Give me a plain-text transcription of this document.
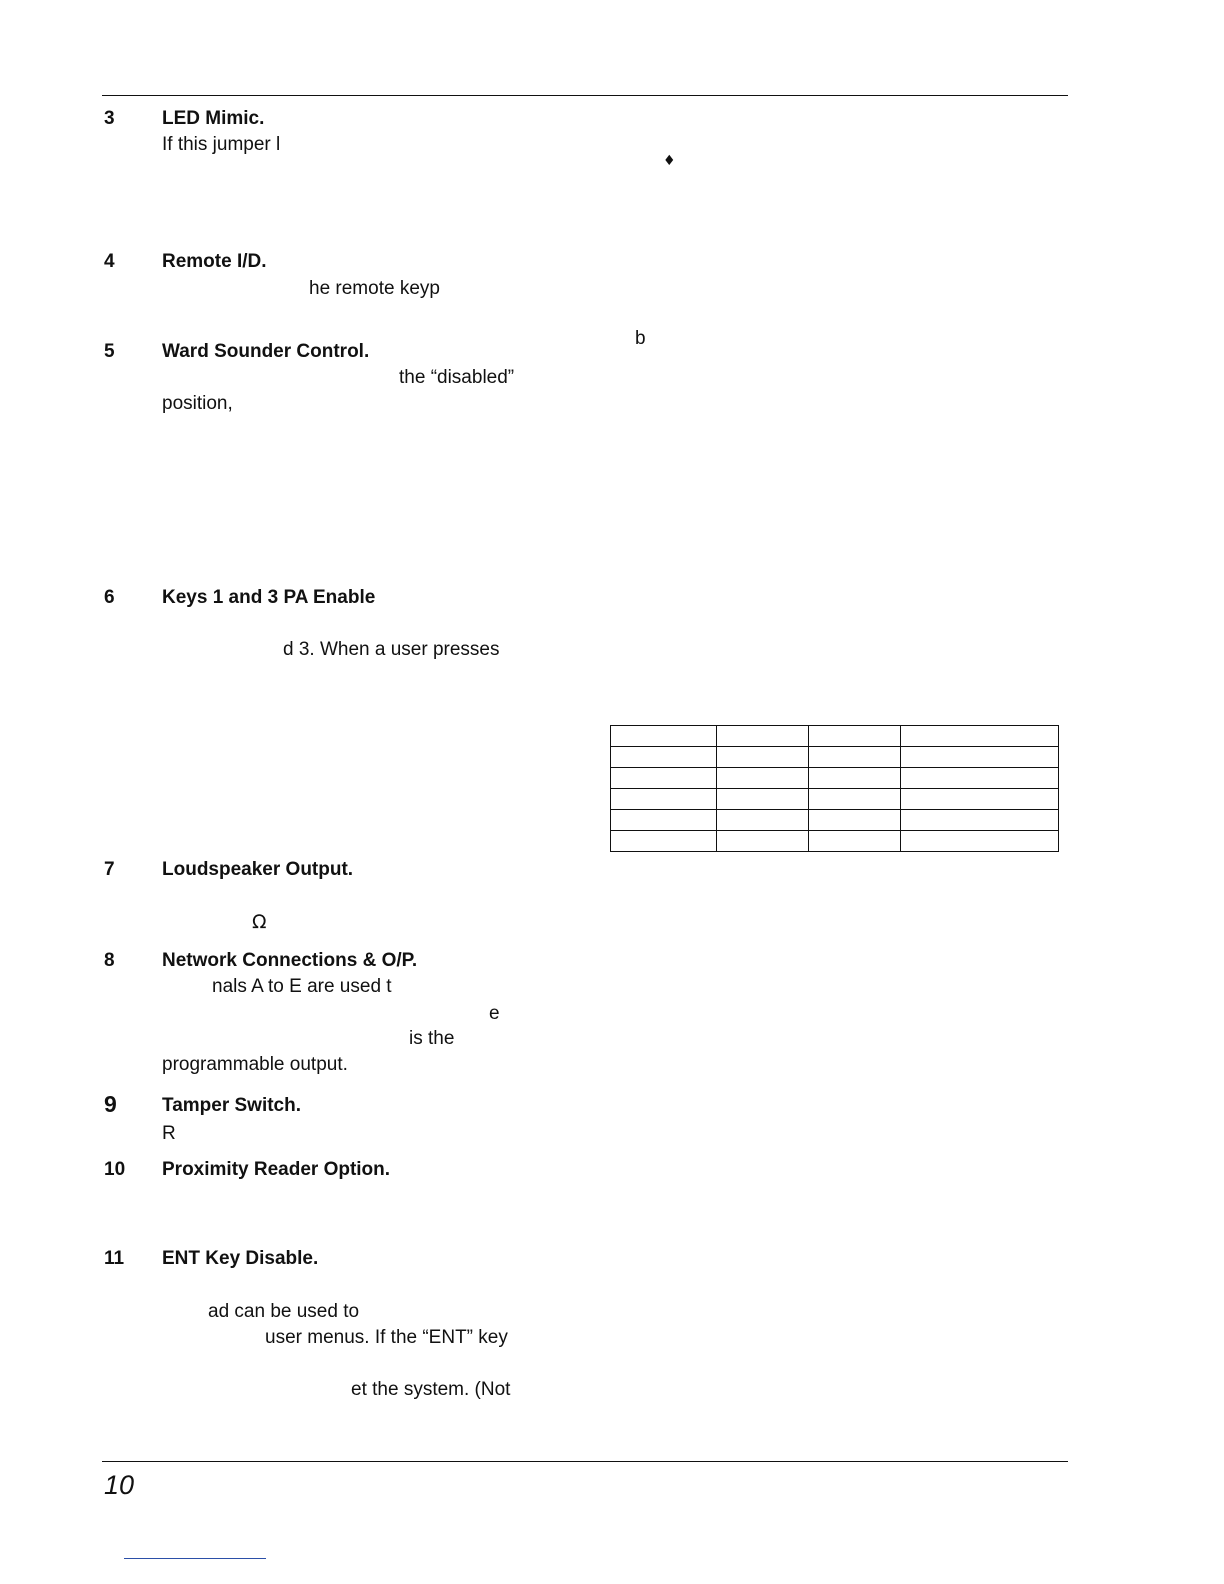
3 LED Mimic.
If this jumper l
♦
4 Remote I/D.
he remote keyp
b
5 Ward Sounder Control.
the “disabled”
position,
6 Keys 1 and 3 PA Enable
d 3. When a user presses

7 Loudspeaker Output.
Ω
8 Network Connections & O/P.
nals A to E are used t
e
is the
programmable output.
9 Tamper Switch.
R
10 Proximity Reader Option.
11 ENT Key Disable.
ad can be used to
user menus. If the “ENT” key
et the system. (Not
10
